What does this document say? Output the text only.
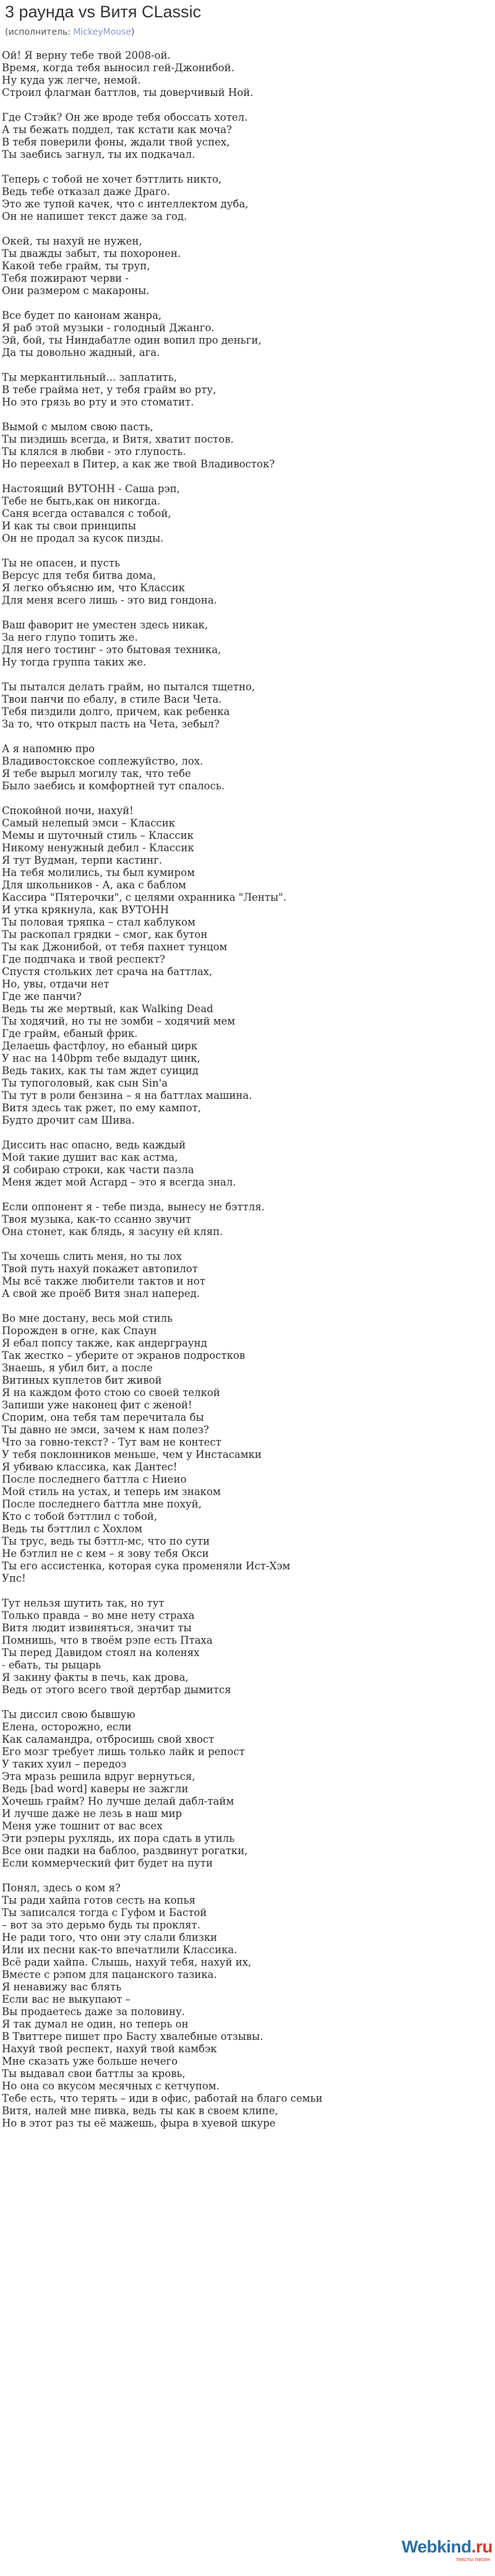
3 раунда vs Витя CLassic
(исполнитель: MickeyMouse)
Ой! Я верну тебе твой 2008-ой.
Время, когда тебя выносил гей-Джонибой.
Ну куда уж легче, немой.
Строил флагман баттлов, ты доверчивый Ной.

Где Стэйк? Он же вроде тебя обоссать хотел.
А ты бежать поддел, так кстати как моча?
В тебя поверили фоны, ждали твой успех,
Ты заебись загнул, ты их подкачал.

Теперь с тобой не хочет бэттлить никто,
Ведь тебе отказал даже Драго.
Это же тупой качек, что с интеллектом дуба,
Он не напишет текст даже за год.

Окей, ты нахуй не нужен,
Ты дважды забыт, ты похоронен.
Какой тебе грайм, ты труп,
Тебя пожирают черви -
Они размером с макароны.

Все будет по канонам жанра,
Я раб этой музыки - голодный Джанго.
Эй, бой, ты Ниндабатле один вопил про деньги,
Да ты довольно жадный, ага.

Ты меркантильный... заплатить,
В тебе грайма нет, у тебя грайм во рту,
Но это грязь во рту и это стоматит.

Вымой с мылом свою пасть,
Ты пиздишь всегда, и Витя, хватит постов.
Ты клялся в любви - это глупость.
Но переехал в Питер, а как же твой Владивосток?

Настоящий ВУТОНН - Саша рэп,
Тебе не быть,как он никогда.
Саня всегда оставался с тобой,
И как ты свои принципы
Он не продал за кусок пизды.

Ты не опасен, и пусть
Версус для тебя битва дома,
Я легко объясню им, что Классик
Для меня всего лишь - это вид гондона.

Ваш фаворит не уместен здесь никак,
За него глупо топить же.
Для него тостинг - это бытовая техника,
Ну тогда группа таких же.

Ты пытался делать грайм, но пытался тщетно,
Твои панчи по ебалу, в стиле Васи Чета.
Тебя пиздили долго, причем, как ребенка
За то, что открыл пасть на Чета, зебыл?

А я напомню про
Владивостокское соплежуйство, лох.
Я тебе вырыл могилу так, что тебе
Было заебись и комфортней тут спалось.

Спокойной ночи, нахуй!
Самый нелепый эмси – Классик
Мемы и шуточный стиль – Классик
Никому ненужный дебил - Классик
Я тут Вудман, терпи кастинг.
На тебя молились, ты был кумиром
Для школьников - А, ака с баблом
Кассира "Пятерочки", с целями охранника "Ленты".
И утка крякнула, как ВУТОНН
Ты половая тряпка – стал каблуком
Ты раскопал грядки – смог, как бутон
Ты как Джонибой, от тебя пахнет тунцом
Где подпчака и твой респект?
Спустя стольких лет срача на баттлах,
Но, увы, отдачи нет
Где же панчи?
Ведь ты же мертвый, как Walking Dead
Ты ходячий, но ты не зомби – ходячий мем
Где грайм, ебаный фрик.
Делаешь фастфлоу, но ебаный цирк
У нас на 140bpm тебе выдадут цинк,
Ведь таких, как ты там ждет суицид
Ты тупоголовый, как сын Sin'a
Ты тут в роли бензина – я на баттлах машина.
Витя здесь так ржет, по ему кампот,
Будто дрочит сам Шива.

Диссить нас опасно, ведь каждый
Мой такие душит вас как астма,
Я собираю строки, как части пазла
Меня ждет мой Асгард – это я всегда знал.

Если оппонент я - тебе пизда, вынесу не бэттля.
Твоя музыка, как-то ссанно звучит
Она стонет, как блядь, я засуну ей кляп.

Ты хочешь слить меня, но ты лох
Твой путь нахуй покажет автопилот
Мы всё также любители тактов и нот
А свой же проёб Витя знал наперед.

Во мне достану, весь мой стиль
Порожден в огне, как Спаун
Я ебал попсу также, как андерграунд
Так жестко – уберите от экранов подростков
Знаешь, я убил бит, а после
Витиных куплетов бит живой
Я на каждом фото стою со своей телкой
Запиши уже наконец фит с женой!
Спорим, она тебя там перечитала бы
Ты давно не эмси, зачем к нам полез?
Что за говно-текст? - Тут вам не контест
У тебя поклонников меньше, чем у Инстасамки
Я убиваю классика, как Дантес!
После последнего баттла с Ниеио
Мой стиль на устах, и теперь им знаком
После последнего баттла мне похуй,
Кто с тобой бэттлил с тобой,
Ведь ты бэттлил с Хохлом
Ты трус, ведь ты бэттл-мс, что по сути
Не бэтлил не с кем – я зову тебя Окси
Ты его ассистенка, которая сука променяли Ист-Хэм
Упс!

Тут нельзя шутить так, но тут
Только правда – во мне нету страха
Витя людит извиняться, значит ты
Помнишь, что в твоём рэпе есть Птаха
Ты перед Давидом стоял на коленях
- ебать, ты рыцарь
Я закину факты в печь, как дрова,
Ведь от этого всего твой дертбар дымится

Ты диссил свою бывшую
Елена, осторожно, если
Как саламандра, отбросишь свой хвост
Его мозг требует лишь только лайк и репост
У таких хуил – передоз
Эта мразь решила вдруг вернуться,
Ведь [bad word] каверы не зажгли
Хочешь грайм? Но лучше делай дабл-тайм
И лучше даже не лезь в наш мир
Меня уже тошнит от вас всех
Эти рэперы рухлядь, их пора сдать в утиль
Все они падки на баблоо, раздвинут рогатки,
Если коммерческий фит будет на пути

Понял, здесь о ком я?
Ты ради хайпа готов сесть на копья
Ты записался тогда с Гуфом и Бастой
– вот за это дерьмо будь ты проклят.
Не ради того, что они эту слали близки
Или их песни как-то впечатлили Классика.
Всё ради хайпа. Слышь, нахуй тебя, нахуй их,
Вместе с рэпом для пацанского тазика.
Я ненавижу вас блять
Если вас не выкупают –
Вы продаетесь даже за половину.
Я так думал не один, но теперь он
В Твиттере пишет про Басту хвалебные отзывы.
Нахуй твой респект, нахуй твой камбэк
Мне сказать уже больше нечего
Ты выдавал свои баттлы за кровь,
Но она со вкусом месячных с кетчупом.
Тебе есть, что терять – иди в офис, работай на благо семьи
Витя, налей мне пивка, ведь ты как в своем клипе,
Но в этот раз ты её мажешь, фыра в хуевой шкуре
Webkind.ru
тексты песен
